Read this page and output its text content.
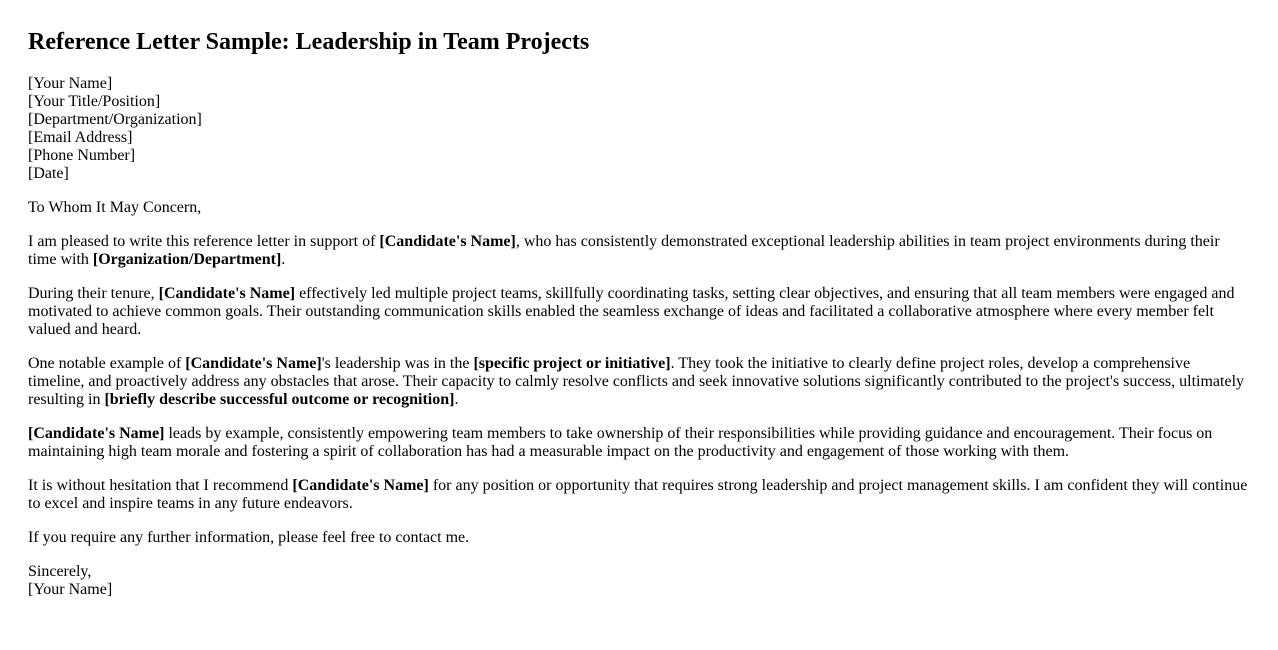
Reference Letter Sample: Leadership in Team Projects
[Your Name]
[Your Title/Position]
[Department/Organization]
[Email Address]
[Phone Number]
[Date]

To Whom It May Concern,

I am pleased to write this reference letter in support of [Candidate's Name], who has consistently demonstrated exceptional leadership abilities in team project environments during their time with [Organization/Department].

During their tenure, [Candidate's Name] effectively led multiple project teams, skillfully coordinating tasks, setting clear objectives, and ensuring that all team members were engaged and motivated to achieve common goals. Their outstanding communication skills enabled the seamless exchange of ideas and facilitated a collaborative atmosphere where every member felt valued and heard.

One notable example of [Candidate's Name]'s leadership was in the [specific project or initiative]. They took the initiative to clearly define project roles, develop a comprehensive timeline, and proactively address any obstacles that arose. Their capacity to calmly resolve conflicts and seek innovative solutions significantly contributed to the project's success, ultimately resulting in [briefly describe successful outcome or recognition].

[Candidate's Name] leads by example, consistently empowering team members to take ownership of their responsibilities while providing guidance and encouragement. Their focus on maintaining high team morale and fostering a spirit of collaboration has had a measurable impact on the productivity and engagement of those working with them.

It is without hesitation that I recommend [Candidate's Name] for any position or opportunity that requires strong leadership and project management skills. I am confident they will continue to excel and inspire teams in any future endeavors.

If you require any further information, please feel free to contact me.

Sincerely,
[Your Name]
